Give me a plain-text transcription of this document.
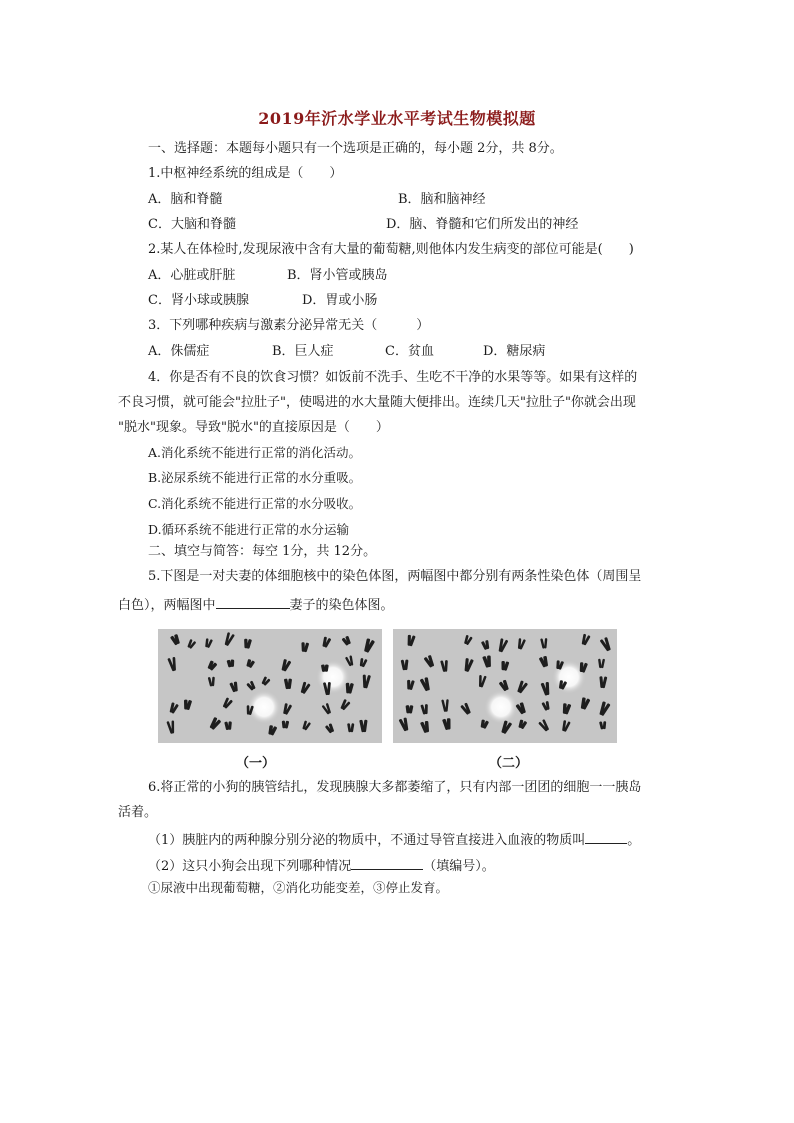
2019年沂水学业水平考试生物模拟题
一、选择题：本题每小题只有一个选项是正确的，每小题 2分，共 8分。
1.中枢神经系统的组成是（　　）
A．脑和脊髓	B．脑和脑神经
C．大脑和脊髓	D．脑、脊髓和它们所发出的神经
2.某人在体检时,发现尿液中含有大量的葡萄糖,则他体内发生病变的部位可能是(　　)
A．心脏或肝脏	B．肾小管或胰岛
C．肾小球或胰腺	D．胃或小肠
3．下列哪种疾病与激素分泌异常无关（　　　）
A．侏儒症	B．巨人症	C．贫血	D．糖尿病
4．你是否有不良的饮食习惯？如饭前不洗手、生吃不干净的水果等等。如果有这样的
不良习惯，就可能会"拉肚子"，使喝进的水大量随大便排出。连续几天"拉肚子"你就会出现
"脱水"现象。导致"脱水"的直接原因是（　　）
A.消化系统不能进行正常的消化活动。
B.泌尿系统不能进行正常的水分重吸。
C.消化系统不能进行正常的水分吸收。
D.循环系统不能进行正常的水分运输
二、填空与简答：每空 1分，共 12分。
5.下图是一对夫妻的体细胞核中的染色体图，两幅图中都分别有两条性染色体（周围呈
白色），两幅图中	妻子的染色体图。
（一）	（二）
6.将正常的小狗的胰管结扎，发现胰腺大多都萎缩了，只有内部一团团的细胞一一胰岛
活着。
（1）胰脏内的两种腺分别分泌的物质中，不通过导管直接进入血液的物质叫	。
（2）这只小狗会出现下列哪种情况	（填编号）。
①尿液中出现葡萄糖，②消化功能变差，③停止发育。
